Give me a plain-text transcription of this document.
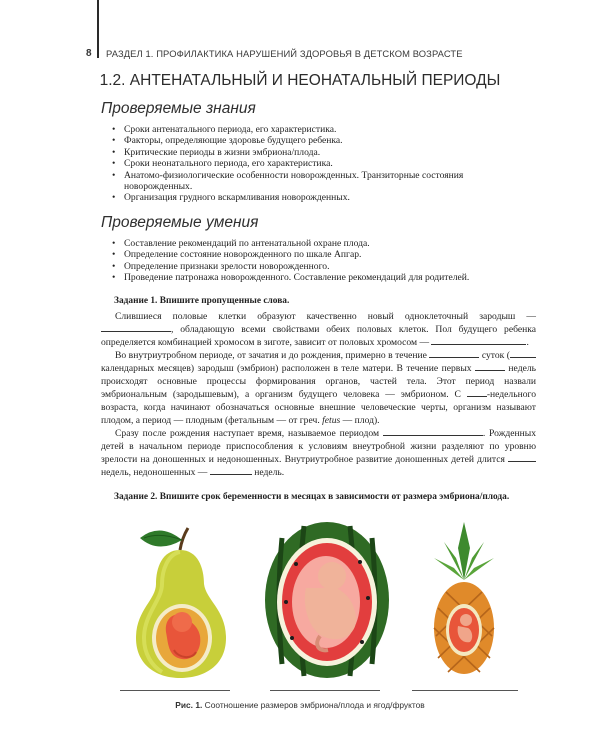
8 РАЗДЕЛ 1. ПРОФИЛАКТИКА НАРУШЕНИЙ ЗДОРОВЬЯ В ДЕТСКОМ ВОЗРАСТЕ
1.2. АНТЕНАТАЛЬНЫЙ И НЕОНАТАЛЬНЫЙ ПЕРИОДЫ
Проверяемые знания
• Сроки антенатального периода, его характеристика.
• Факторы, определяющие здоровье будущего ребенка.
• Критические периоды в жизни эмбриона/плода.
• Сроки неонатального периода, его характеристика.
• Анатомо-физиологические особенности новорожденных. Транзиторные состояния новорожденных.
• Организация грудного вскармливания новорожденных.
Проверяемые умения
• Составление рекомендаций по антенатальной охране плода.
• Определение состояние новорожденного по шкале Апгар.
• Определение признаки зрелости новорожденного.
• Проведение патронажа новорожденного. Составление рекомендаций для родителей.
Задание 1. Впишите пропущенные слова.

Слившиеся половые клетки образуют качественно новый одноклеточный зародыш — , обладающую всеми свойствами обеих половых клеток. Пол будущего ребенка определяется комбинацией хромосом в зиготе, зависит от половых хромосом —	.

Во внутриутробном периоде, от зачатия и до рождения, примерно в течение	суток ( календарных месяцев) зародыш (эмбрион) расположен в теле матери. В течение первых	недель происходят основные процессы формирования органов, частей тела. Этот период назвали эмбриональным (зародышевым), а организм будущего человека — эмбрионом. С	-недельного возраста, когда начинают обозначаться основные внешние человеческие черты, организм называют плодом, а период — плодным (фетальным — от греч. fetus — плод).

Сразу после рождения наступает время, называемое периодом	. Рожденных детей в начальном периоде приспособления к условиям внеутробной жизни разделяют по уровню зрелости на доношенных и недоношенных. Внутриутробное развитие доношенных детей длится  недель, недоношенных —	недель.

Задание 2. Впишите срок беременности в месяцах в зависимости от размера эмбриона/плода.
Рис. 1. Соотношение размеров эмбриона/плода и ягод/фруктов
